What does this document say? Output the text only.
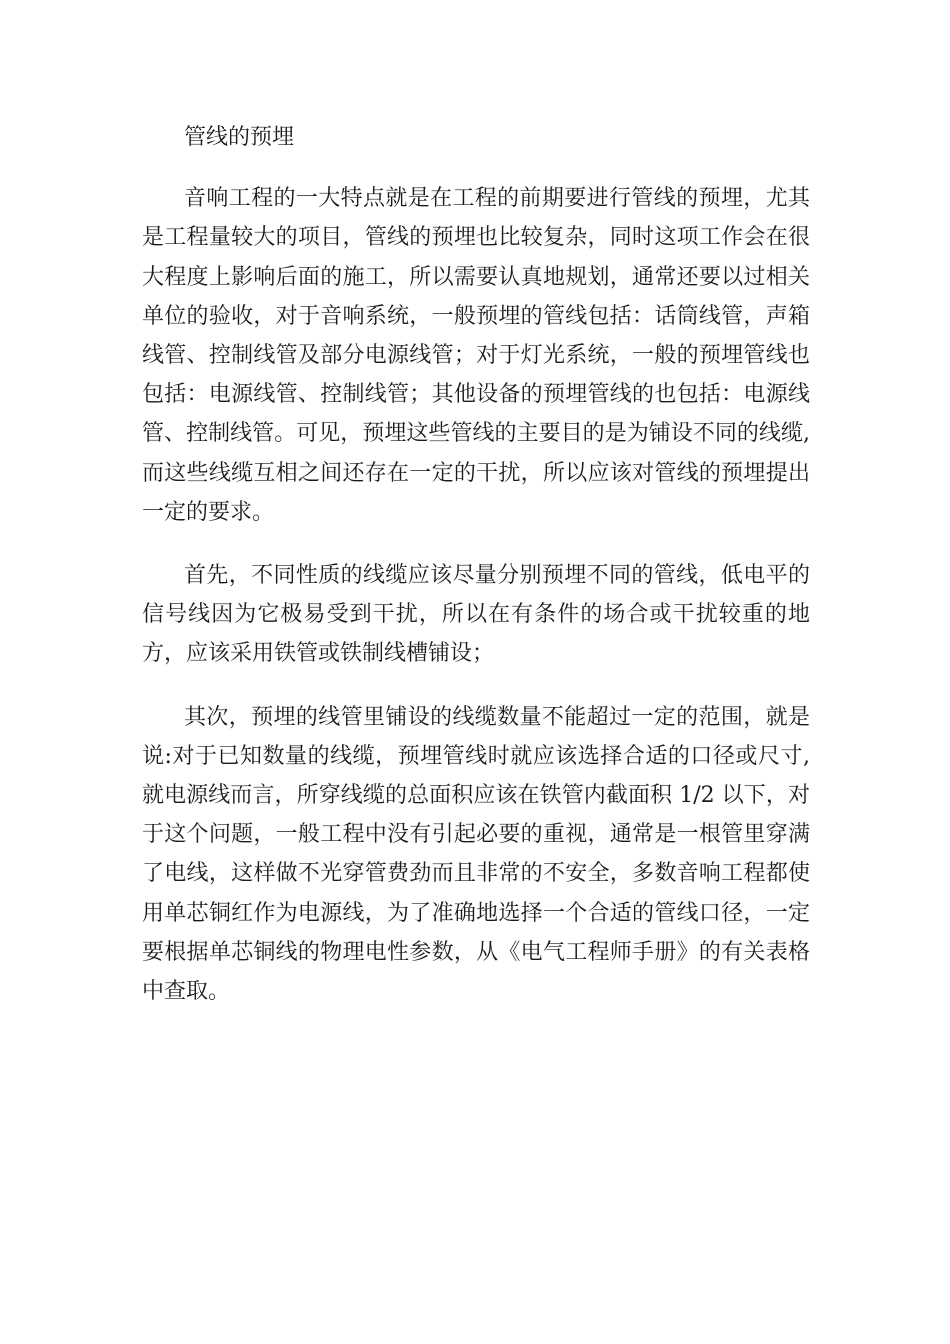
管线的预埋

音响工程的一大特点就是在工程的前期要进行管线的预埋，尤其是工程量较大的项目，管线的预埋也比较复杂，同时这项工作会在很大程度上影响后面的施工，所以需要认真地规划，通常还要以过相关单位的验收，对于音响系统，一般预埋的管线包括：话筒线管，声箱线管、控制线管及部分电源线管；对于灯光系统，一般的预埋管线也包括：电源线管、控制线管；其他设备的预埋管线的也包括：电源线管、控制线管。可见，预埋这些管线的主要目的是为铺设不同的线缆,而这些线缆互相之间还存在一定的干扰，所以应该对管线的预埋提出一定的要求。

首先，不同性质的线缆应该尽量分别预埋不同的管线，低电平的信号线因为它极易受到干扰，所以在有条件的场合或干扰较重的地方，应该采用铁管或铁制线槽铺设；

其次，预埋的线管里铺设的线缆数量不能超过一定的范围，就是说:对于已知数量的线缆，预埋管线时就应该选择合适的口径或尺寸,就电源线而言，所穿线缆的总面积应该在铁管内截面积 1/2 以下，对于这个问题，一般工程中没有引起必要的重视，通常是一根管里穿满了电线，这样做不光穿管费劲而且非常的不安全，多数音响工程都使用单芯铜红作为电源线，为了准确地选择一个合适的管线口径，一定要根据单芯铜线的物理电性参数，从《电气工程师手册》的有关表格中查取。
